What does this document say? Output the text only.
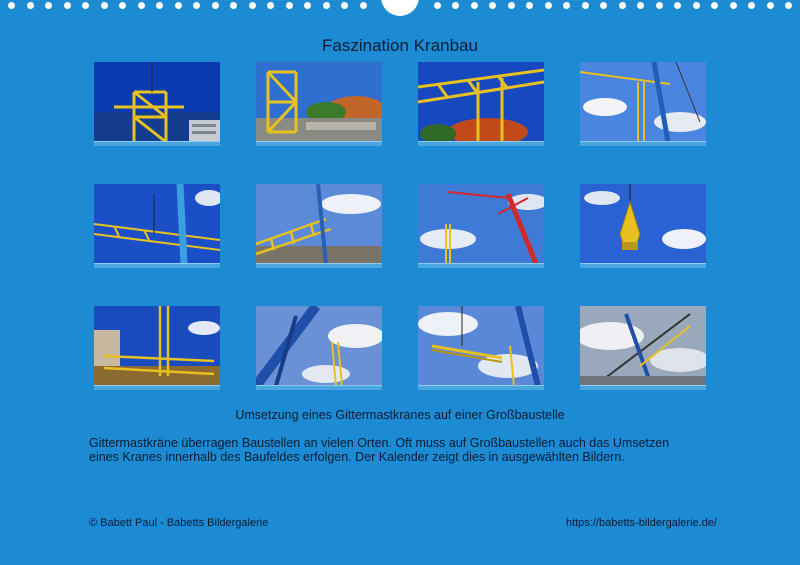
Faszination Kranbau
Umsetzung eines Gittermastkranes auf einer Großbaustelle

Gittermastkräne überragen Baustellen an vielen Orten. Oft muss auf Großbaustellen auch das Umsetzen

eines Kranes innerhalb des Baufeldes erfolgen. Der Kalender zeigt dies in ausgewählten Bildern.

© Babett Paul - Babetts Bildergalerie	https://babetts-bildergalerie.de/
